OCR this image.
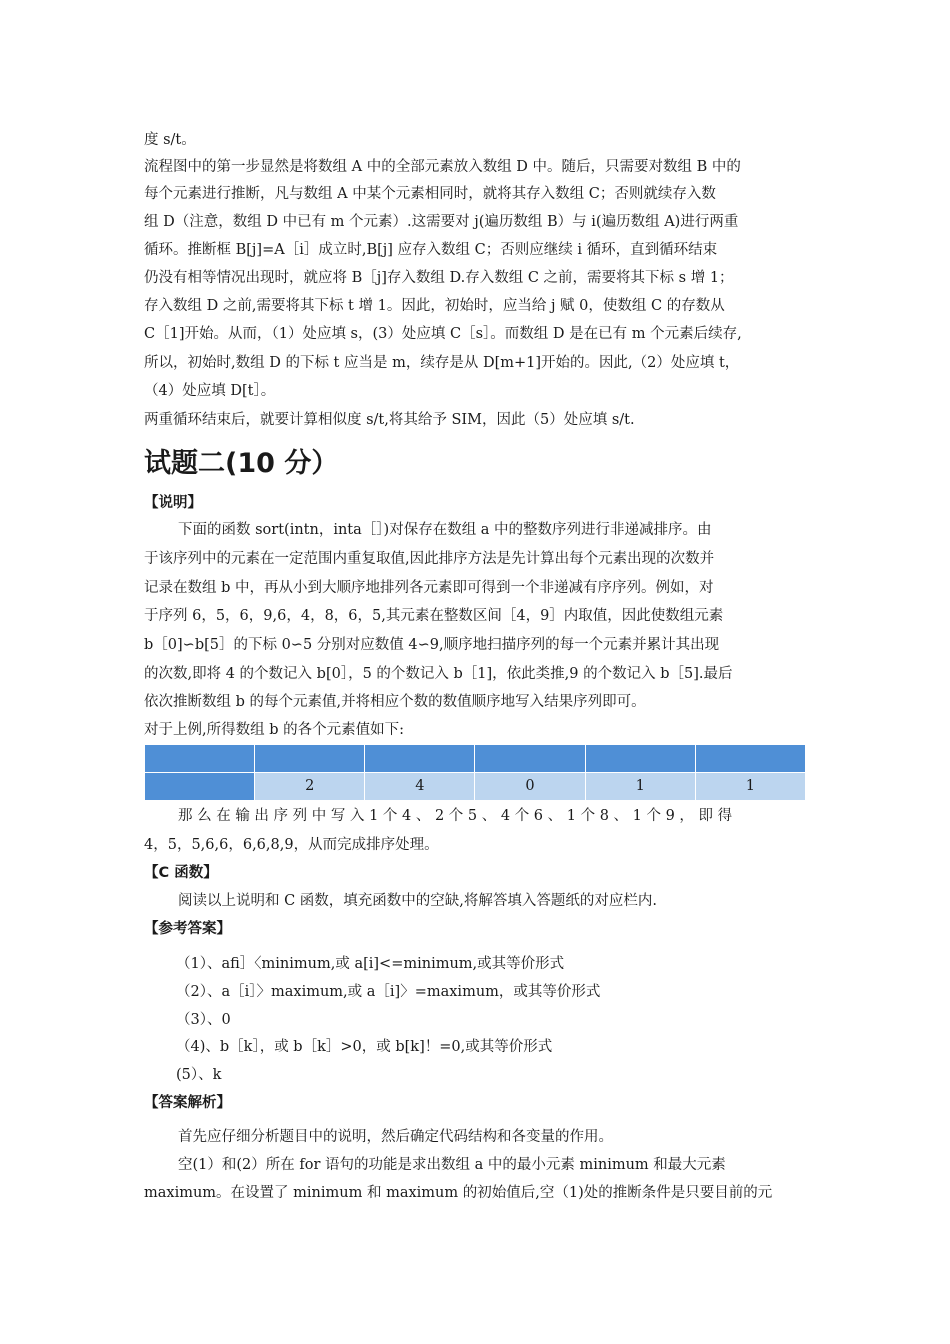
度 s/t。
流程图中的第一步显然是将数组 A 中的全部元素放入数组 D 中。随后，只需要对数组 B 中的
每个元素进行推断，凡与数组 A 中某个元素相同时，就将其存入数组 C；否则就续存入数
组 D（注意，数组 D 中已有 m 个元素）.这需要对 j(遍历数组 B）与 i(遍历数组 A)进行两重
循环。推断框 B[j]=A［i］成立时,B[j] 应存入数组 C；否则应继续 i 循环，直到循环结束
仍没有相等情况出现时，就应将 B［j]存入数组 D.存入数组 C 之前，需要将其下标 s 增 1；
存入数组 D 之前,需要将其下标 t 增 1。因此，初始时，应当给 j 赋 0，使数组 C 的存数从
C［1]开始。从而，（1）处应填 s，(3）处应填 C［s］。而数组 D 是在已有 m 个元素后续存,
所以，初始时,数组 D 的下标 t 应当是 m，续存是从 D[m+1]开始的。因此,（2）处应填 t，
（4）处应填 D[t］。
两重循环结束后，就要计算相似度 s/t,将其给予 SIM，因此（5）处应填 s/t.
试题二(10 分）
【说明】
下面的函数 sort(intn，inta［］)对保存在数组 a 中的整数序列进行非递减排序。由
于该序列中的元素在一定范围内重复取值,因此排序方法是先计算出每个元素出现的次数并
记录在数组 b 中，再从小到大顺序地排列各元素即可得到一个非递减有序序列。例如，对
于序列 6，5，6，9,6，4，8，6，5,其元素在整数区间［4，9］内取值，因此使数组元素
b［0]∽b[5］的下标 0∽5 分别对应数值 4∽9,顺序地扫描序列的每一个元素并累计其出现
的次数,即将 4 的个数记入 b[0］，5 的个数记入 b［1]，依此类推,9 的个数记入 b［5].最后
依次推断数组 b 的每个元素值,并将相应个数的数值顺序地写入结果序列即可。
对于上例,所得数组 b 的各个元素值如下:

	2	4	0	1	1
那 么 在 输 出 序 列 中 写 入 1 个 4 、 2 个 5 、 4 个 6 、 1 个 8 、 1 个 9 ， 即 得
4，5，5,6,6，6,6,8,9，从而完成排序处理。
【C 函数】
阅读以上说明和 C 函数，填充函数中的空缺,将解答填入答题纸的对应栏内.
【参考答案】
（1）、afi］〈minimum,或 a[i]<=minimum,或其等价形式
（2）、a［i］〉maximum,或 a［i]〉=maximum，或其等价形式
（3）、0
（4)、b［k］，或 b［k］>0，或 b[k]！=0,或其等价形式
(5）、k
【答案解析】
首先应仔细分析题目中的说明，然后确定代码结构和各变量的作用。
空(1）和(2）所在 for 语句的功能是求出数组 a 中的最小元素 minimum 和最大元素
maximum。在设置了 minimum 和 maximum 的初始值后,空（1)处的推断条件是只要目前的元
